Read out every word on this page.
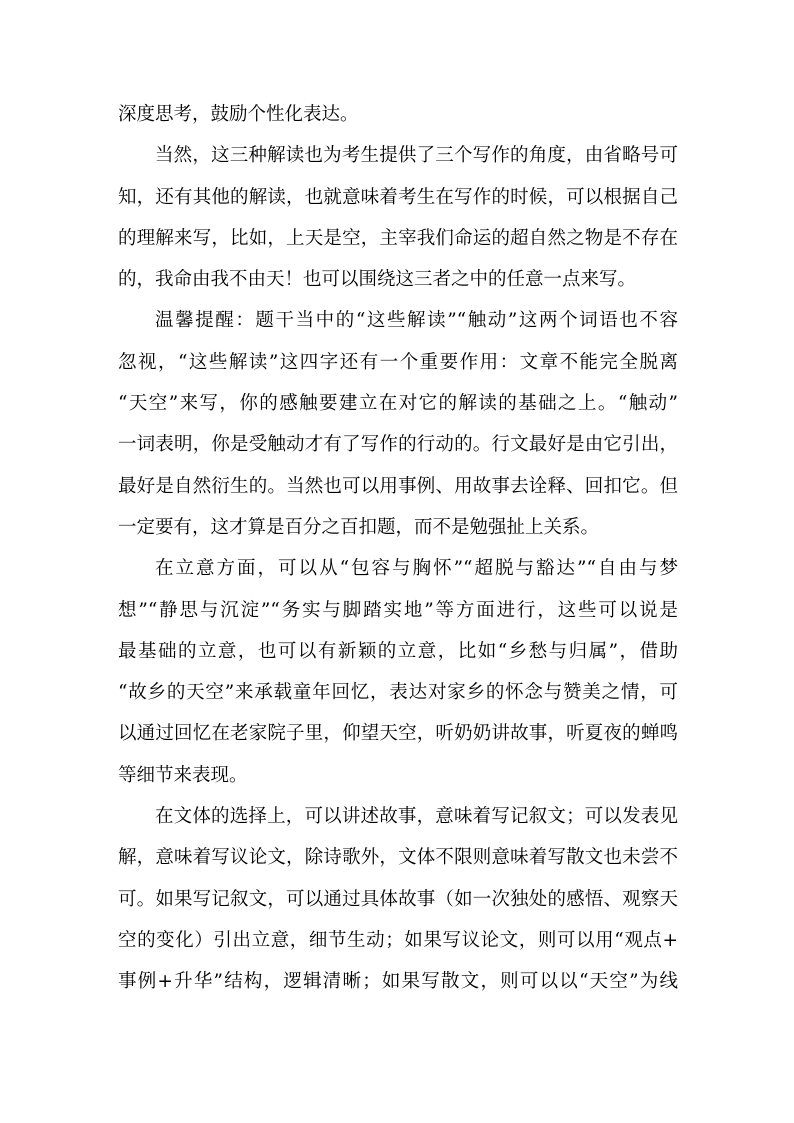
深度思考，鼓励个性化表达。
当然，这三种解读也为考生提供了三个写作的角度，由省略号可
知，还有其他的解读，也就意味着考生在写作的时候，可以根据自己
的理解来写，比如，上天是空，主宰我们命运的超自然之物是不存在
的，我命由我不由天！也可以围绕这三者之中的任意一点来写。
温馨提醒：题干当中的“这些解读”“触动”这两个词语也不容
忽视，“这些解读”这四字还有一个重要作用：文章不能完全脱离
“天空”来写，你的感触要建立在对它的解读的基础之上。“触动”
一词表明，你是受触动才有了写作的行动的。行文最好是由它引出，
最好是自然衍生的。当然也可以用事例、用故事去诠释、回扣它。但
一定要有，这才算是百分之百扣题，而不是勉强扯上关系。
在立意方面，可以从“包容与胸怀”“超脱与豁达”“自由与梦
想”“静思与沉淀”“务实与脚踏实地”等方面进行，这些可以说是
最基础的立意，也可以有新颖的立意，比如“乡愁与归属”，借助
“故乡的天空”来承载童年回忆，表达对家乡的怀念与赞美之情，可
以通过回忆在老家院子里，仰望天空，听奶奶讲故事，听夏夜的蝉鸣
等细节来表现。
在文体的选择上，可以讲述故事，意味着写记叙文；可以发表见
解，意味着写议论文，除诗歌外，文体不限则意味着写散文也未尝不
可。如果写记叙文，可以通过具体故事（如一次独处的感悟、观察天
空的变化）引出立意，细节生动；如果写议论文，则可以用“观点+
事例+升华”结构，逻辑清晰；如果写散文，则可以以“天空”为线
